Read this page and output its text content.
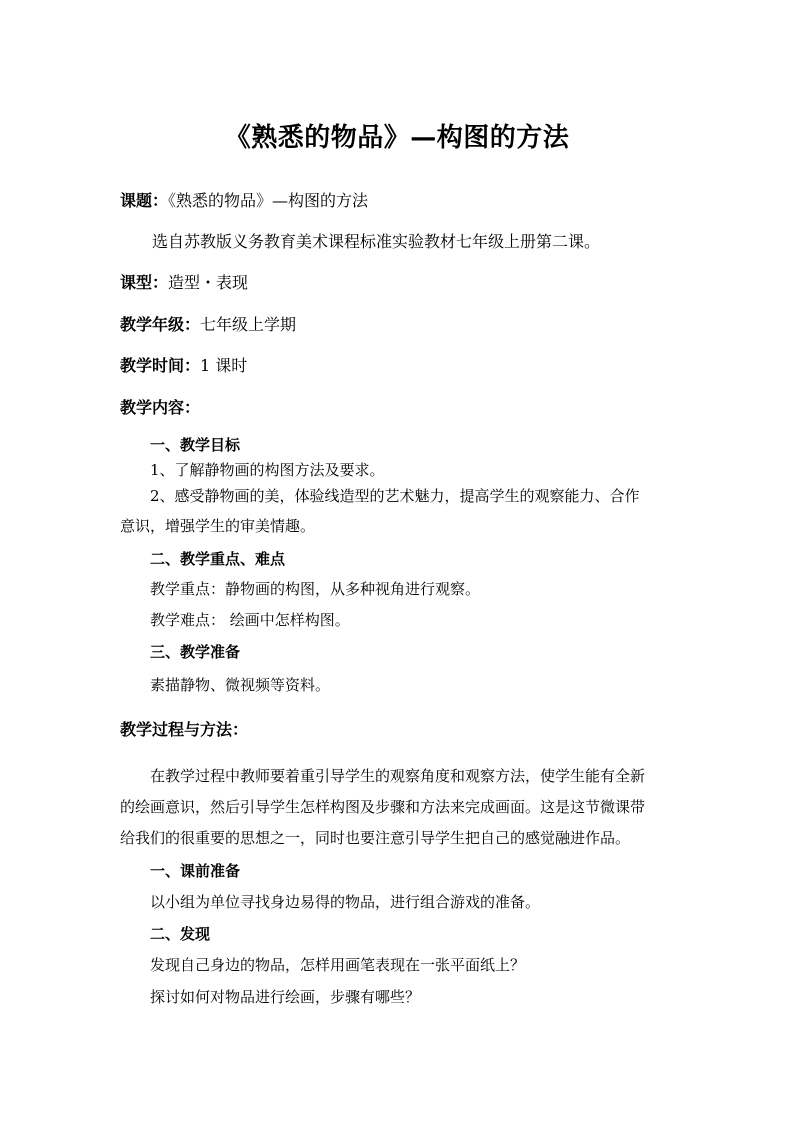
《熟悉的物品》—构图的方法
课题：《熟悉的物品》—构图的方法
选自苏教版义务教育美术课程标准实验教材七年级上册第二课。
课型：造型・表现
教学年级：七年级上学期
教学时间：1 课时
教学内容：
一、教学目标
1、了解静物画的构图方法及要求。
2、感受静物画的美，体验线造型的艺术魅力，提高学生的观察能力、合作
意识，增强学生的审美情趣。
二、教学重点、难点
教学重点：静物画的构图，从多种视角进行观察。
教学难点： 绘画中怎样构图。
三、教学准备
素描静物、微视频等资料。
教学过程与方法：
在教学过程中教师要着重引导学生的观察角度和观察方法，使学生能有全新
的绘画意识，然后引导学生怎样构图及步骤和方法来完成画面。这是这节微课带
给我们的很重要的思想之一，同时也要注意引导学生把自己的感觉融进作品。
一、课前准备
以小组为单位寻找身边易得的物品，进行组合游戏的准备。
二、发现
发现自己身边的物品，怎样用画笔表现在一张平面纸上？
探讨如何对物品进行绘画，步骤有哪些？
